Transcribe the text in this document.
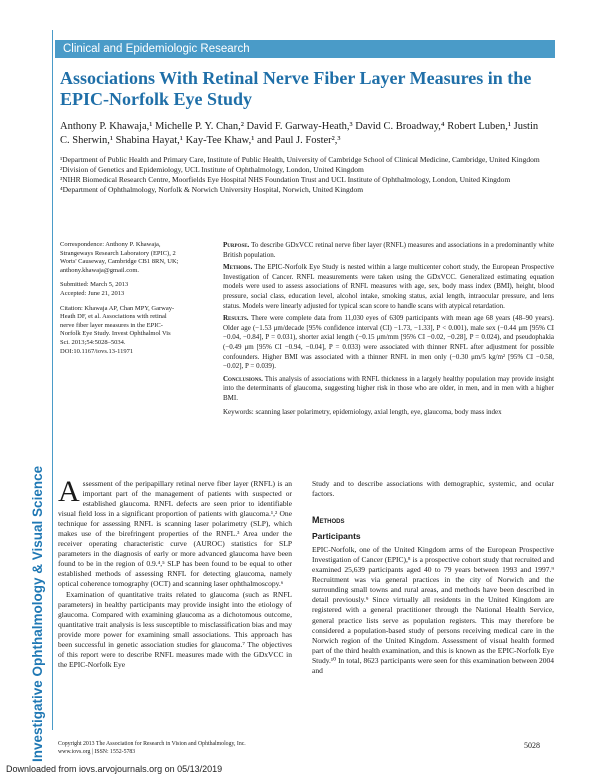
Investigative Ophthalmology & Visual Science
Downloaded from iovs.arvojournals.org on 05/13/2019
Clinical and Epidemiologic Research
Associations With Retinal Nerve Fiber Layer Measures in the EPIC-Norfolk Eye Study
Anthony P. Khawaja,¹ Michelle P. Y. Chan,² David F. Garway-Heath,³ David C. Broadway,⁴ Robert Luben,¹ Justin C. Sherwin,¹ Shabina Hayat,¹ Kay-Tee Khaw,¹ and Paul J. Foster²,³
¹Department of Public Health and Primary Care, Institute of Public Health, University of Cambridge School of Clinical Medicine, Cambridge, United Kingdom
²Division of Genetics and Epidemiology, UCL Institute of Ophthalmology, London, United Kingdom
³NIHR Biomedical Research Centre, Moorfields Eye Hospital NHS Foundation Trust and UCL Institute of Ophthalmology, London, United Kingdom
⁴Department of Ophthalmology, Norfolk & Norwich University Hospital, Norwich, United Kingdom

Correspondence: Anthony P. Khawaja, Strangeways Research Laboratory (EPIC), 2 Worts' Causeway, Cambridge CB1 8RN, UK; anthony.khawaja@gmail.com.

Submitted: March 5, 2013

Accepted: June 21, 2013

Citation: Khawaja AP, Chan MPY, Garway-Heath DF, et al. Associations with retinal nerve fiber layer measures in the EPIC-Norfolk Eye Study. Invest Ophthalmol Vis Sci. 2013;54:5028–5034. DOI:10.1167/iovs.13-11971

Purpose. To describe GDxVCC retinal nerve fiber layer (RNFL) measures and associations in a predominantly white British population.

Methods. The EPIC-Norfolk Eye Study is nested within a large multicenter cohort study, the European Prospective Investigation of Cancer. RNFL measurements were taken using the GDxVCC. Generalized estimating equation models were used to assess associations of RNFL measures with age, sex, body mass index (BMI), height, blood pressure, social class, education level, alcohol intake, smoking status, axial length, intraocular pressure, and lens status. Models were linearly adjusted for typical scan score to handle scans with atypical retardation.

Results. There were complete data from 11,030 eyes of 6309 participants with mean age 68 years (48–90 years). Older age (−1.53 μm/decade [95% confidence interval (CI) −1.73, −1.33], P < 0.001), male sex (−0.44 μm [95% CI −0.04, −0.84], P = 0.031), shorter axial length (−0.15 μm/mm [95% CI −0.02, −0.28], P = 0.024), and pseudophakia (−0.49 μm [95% CI −0.94, −0.04], P = 0.033) were associated with thinner RNFL after adjustment for possible confounders. Higher BMI was associated with a thinner RNFL in men only (−0.30 μm/5 kg/m² [95% CI −0.58, −0.02], P = 0.039).

Conclusions. This analysis of associations with RNFL thickness in a largely healthy population may provide insight into the determinants of glaucoma, suggesting higher risk in those who are older, in men, and in men with a higher BMI.

Keywords: scanning laser polarimetry, epidemiology, axial length, eye, glaucoma, body mass index

Assessment of the peripapillary retinal nerve fiber layer (RNFL) is an important part of the management of patients with suspected or established glaucoma. RNFL defects are seen prior to identifiable visual field loss in a significant proportion of patients with glaucoma.¹,² One technique for assessing RNFL is scanning laser polarimetry (SLP), which makes use of the birefringent properties of the RNFL.³ Area under the receiver operating characteristic curve (AUROC) statistics for SLP parameters in the diagnosis of early or more advanced glaucoma have been found to be in the region of 0.9.⁴,⁵ SLP has been found to be equal to other established methods of assessing RNFL for detecting glaucoma, namely optical coherence tomography (OCT) and scanning laser ophthalmoscopy.⁶

Examination of quantitative traits related to glaucoma (such as RNFL parameters) in healthy participants may provide insight into the etiology of glaucoma. Compared with examining glaucoma as a dichotomous outcome, quantitative trait analysis is less susceptible to misclassification bias and may provide more power for examining small associations. This approach has been successful in genetic association studies for glaucoma.⁷ The objectives of this report were to describe RNFL measures made with the GDxVCC in the EPIC-Norfolk Eye

Study and to describe associations with demographic, systemic, and ocular factors.

Methods
Participants

EPIC-Norfolk, one of the United Kingdom arms of the European Prospective Investigation of Cancer (EPIC),⁸ is a prospective cohort study that recruited and examined 25,639 participants aged 40 to 79 years between 1993 and 1997.⁹ Recruitment was via general practices in the city of Norwich and the surrounding small towns and rural areas, and methods have been described in detail previously.⁹ Since virtually all residents in the United Kingdom are registered with a general practitioner through the National Health Service, general practice lists serve as population registers. This may therefore be considered a population-based study of persons receiving medical care in the Norwich region of the United Kingdom. Assessment of visual health formed part of the third health examination, and this is known as the EPIC-Norfolk Eye Study.¹⁰ In total, 8623 participants were seen for this examination between 2004 and

Copyright 2013 The Association for Research in Vision and Ophthalmology, Inc.
www.iovs.org | ISSN: 1552-5783
5028
